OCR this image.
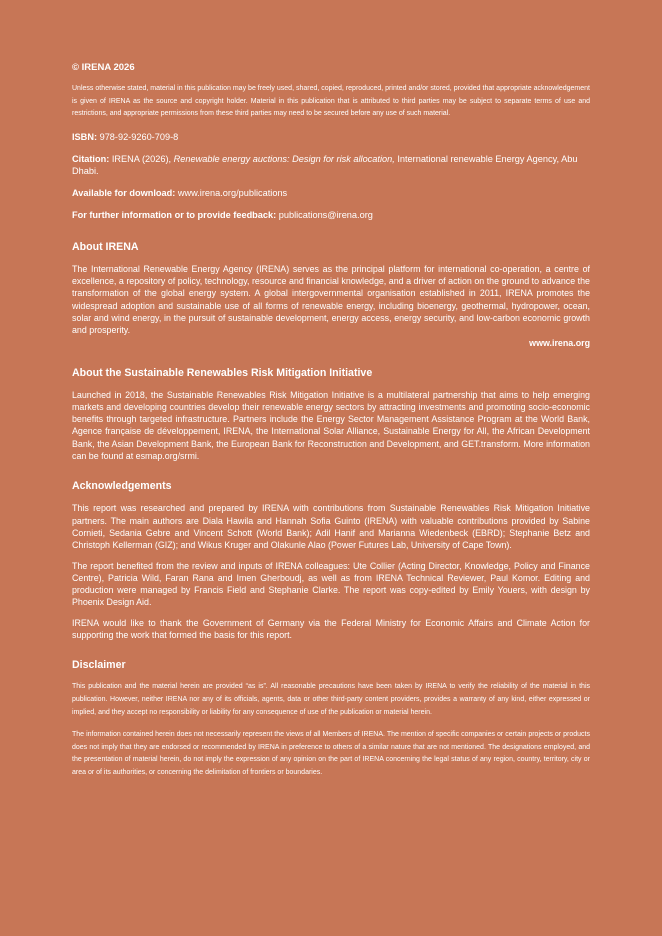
© IRENA 2026
Unless otherwise stated, material in this publication may be freely used, shared, copied, reproduced, printed and/or stored, provided that appropriate acknowledgement is given of IRENA as the source and copyright holder. Material in this publication that is attributed to third parties may be subject to separate terms of use and restrictions, and appropriate permissions from these third parties may need to be secured before any use of such material.
ISBN: 978-92-9260-709-8
Citation: IRENA (2026), Renewable energy auctions: Design for risk allocation, International renewable Energy Agency, Abu Dhabi.
Available for download: www.irena.org/publications
For further information or to provide feedback: publications@irena.org
About IRENA
The International Renewable Energy Agency (IRENA) serves as the principal platform for international co-operation, a centre of excellence, a repository of policy, technology, resource and financial knowledge, and a driver of action on the ground to advance the transformation of the global energy system. A global intergovernmental organisation established in 2011, IRENA promotes the widespread adoption and sustainable use of all forms of renewable energy, including bioenergy, geothermal, hydropower, ocean, solar and wind energy, in the pursuit of sustainable development, energy access, energy security, and low-carbon economic growth and prosperity.
www.irena.org
About the Sustainable Renewables Risk Mitigation Initiative
Launched in 2018, the Sustainable Renewables Risk Mitigation Initiative is a multilateral partnership that aims to help emerging markets and developing countries develop their renewable energy sectors by attracting investments and promoting socio-economic benefits through targeted infrastructure. Partners include the Energy Sector Management Assistance Program at the World Bank, Agence française de développement, IRENA, the International Solar Alliance, Sustainable Energy for All, the African Development Bank, the Asian Development Bank, the European Bank for Reconstruction and Development, and GET.transform. More information can be found at esmap.org/srmi.
Acknowledgements
This report was researched and prepared by IRENA with contributions from Sustainable Renewables Risk Mitigation Initiative partners. The main authors are Diala Hawila and Hannah Sofia Guinto (IRENA) with valuable contributions provided by Sabine Cornieti, Sedania Gebre and Vincent Schott (World Bank); Adil Hanif and Marianna Wiedenbeck (EBRD); Stephanie Betz and Christoph Kellerman (GIZ); and Wikus Kruger and Olakunle Alao (Power Futures Lab, University of Cape Town).
The report benefited from the review and inputs of IRENA colleagues: Ute Collier (Acting Director, Knowledge, Policy and Finance Centre), Patricia Wild, Faran Rana and Imen Gherboudj, as well as from IRENA Technical Reviewer, Paul Komor. Editing and production were managed by Francis Field and Stephanie Clarke. The report was copy-edited by Emily Youers, with design by Phoenix Design Aid.
IRENA would like to thank the Government of Germany via the Federal Ministry for Economic Affairs and Climate Action for supporting the work that formed the basis for this report.
Disclaimer
This publication and the material herein are provided “as is”. All reasonable precautions have been taken by IRENA to verify the reliability of the material in this publication. However, neither IRENA nor any of its officials, agents, data or other third-party content providers, provides a warranty of any kind, either expressed or implied, and they accept no responsibility or liability for any consequence of use of the publication or material herein.
The information contained herein does not necessarily represent the views of all Members of IRENA. The mention of specific companies or certain projects or products does not imply that they are endorsed or recommended by IRENA in preference to others of a similar nature that are not mentioned. The designations employed, and the presentation of material herein, do not imply the expression of any opinion on the part of IRENA concerning the legal status of any region, country, territory, city or area or of its authorities, or concerning the delimitation of frontiers or boundaries.
